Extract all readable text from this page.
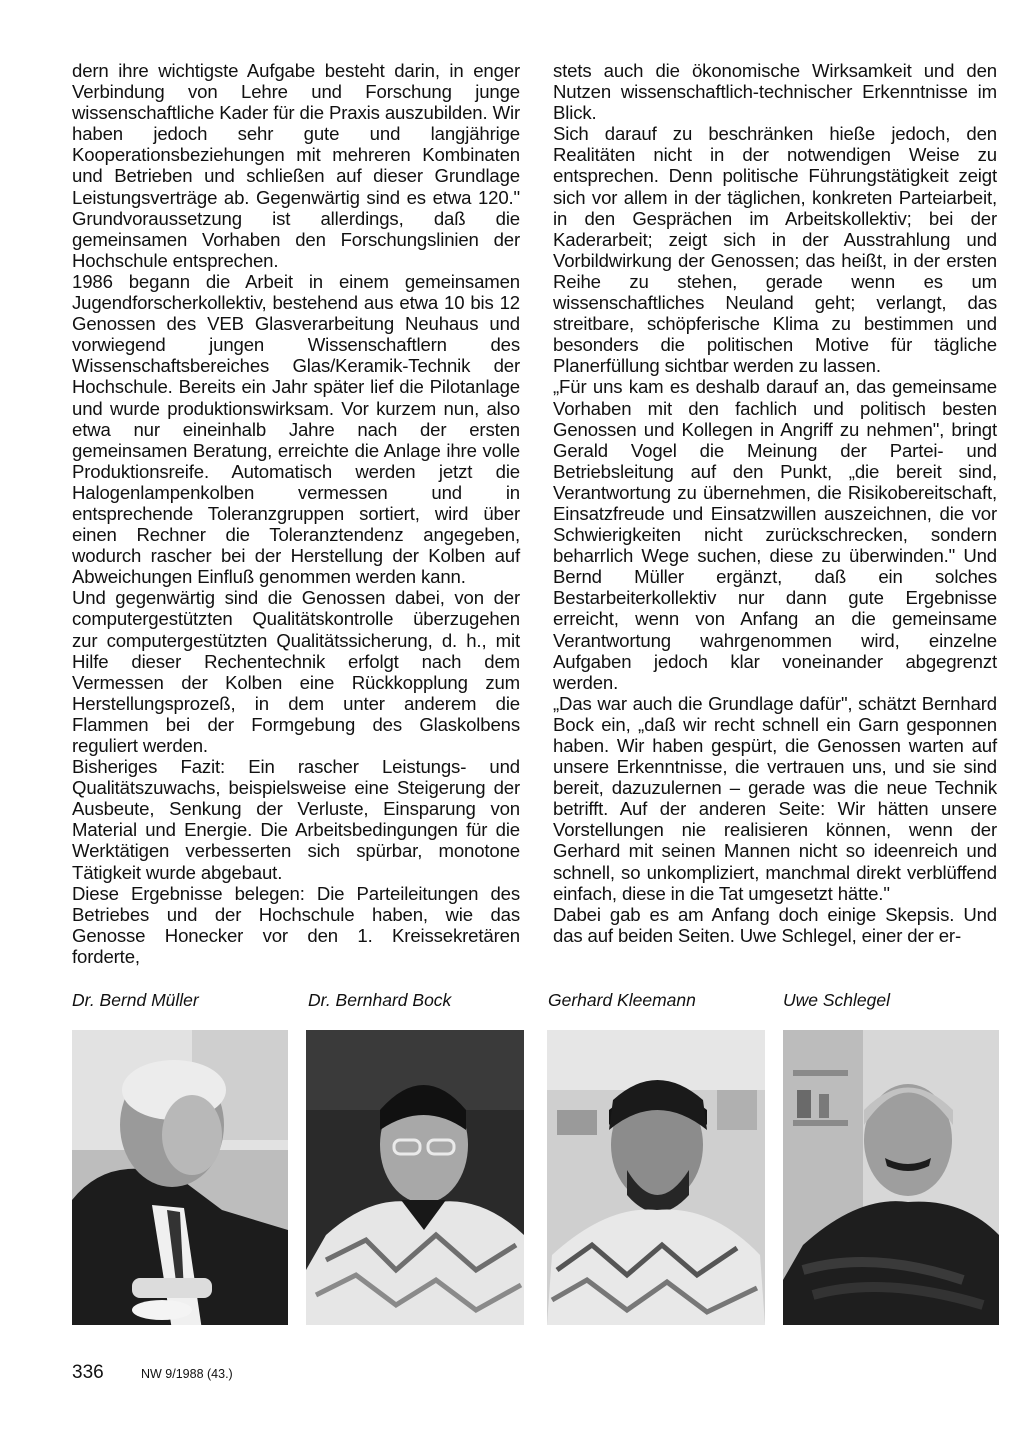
dern ihre wichtigste Aufgabe besteht darin, in enger Verbindung von Lehre und Forschung junge wissenschaftliche Kader für die Praxis auszubilden. Wir haben jedoch sehr gute und langjährige Kooperationsbeziehungen mit mehreren Kombinaten und Betrieben und schließen auf dieser Grundlage Leistungsverträge ab. Gegenwärtig sind es etwa 120." Grundvoraussetzung ist allerdings, daß die gemeinsamen Vorhaben den Forschungslinien der Hochschule entsprechen.

1986 begann die Arbeit in einem gemeinsamen Jugendforscherkollektiv, bestehend aus etwa 10 bis 12 Genossen des VEB Glasverarbeitung Neuhaus und vorwiegend jungen Wissenschaftlern des Wissenschaftsbereiches Glas/Keramik-Technik der Hochschule. Bereits ein Jahr später lief die Pilotanlage und wurde produktionswirksam. Vor kurzem nun, also etwa nur eineinhalb Jahre nach der ersten gemeinsamen Beratung, erreichte die Anlage ihre volle Produktionsreife. Automatisch werden jetzt die Halogenlampenkolben vermessen und in entsprechende Toleranzgruppen sortiert, wird über einen Rechner die Toleranztendenz angegeben, wodurch rascher bei der Herstellung der Kolben auf Abweichungen Einfluß genommen werden kann.

Und gegenwärtig sind die Genossen dabei, von der computergestützten Qualitätskontrolle überzugehen zur computergestützten Qualitätssicherung, d. h., mit Hilfe dieser Rechentechnik erfolgt nach dem Vermessen der Kolben eine Rückkopplung zum Herstellungsprozeß, in dem unter anderem die Flammen bei der Formgebung des Glaskolbens reguliert werden.

Bisheriges Fazit: Ein rascher Leistungs- und Qualitätszuwachs, beispielsweise eine Steigerung der Ausbeute, Senkung der Verluste, Einsparung von Material und Energie. Die Arbeitsbedingungen für die Werktätigen verbesserten sich spürbar, monotone Tätigkeit wurde abgebaut.

Diese Ergebnisse belegen: Die Parteileitungen des Betriebes und der Hochschule haben, wie das Genosse Honecker vor den 1. Kreissekretären forderte,

stets auch die ökonomische Wirksamkeit und den Nutzen wissenschaftlich-technischer Erkenntnisse im Blick.

Sich darauf zu beschränken hieße jedoch, den Realitäten nicht in der notwendigen Weise zu entsprechen. Denn politische Führungstätigkeit zeigt sich vor allem in der täglichen, konkreten Parteiarbeit, in den Gesprächen im Arbeitskollektiv; bei der Kaderarbeit; zeigt sich in der Ausstrahlung und Vorbildwirkung der Genossen; das heißt, in der ersten Reihe zu stehen, gerade wenn es um wissenschaftliches Neuland geht; verlangt, das streitbare, schöpferische Klima zu bestimmen und besonders die politischen Motive für tägliche Planerfüllung sichtbar werden zu lassen.

„Für uns kam es deshalb darauf an, das gemeinsame Vorhaben mit den fachlich und politisch besten Genossen und Kollegen in Angriff zu nehmen", bringt Gerald Vogel die Meinung der Partei- und Betriebsleitung auf den Punkt, „die bereit sind, Verantwortung zu übernehmen, die Risikobereitschaft, Einsatzfreude und Einsatzwillen auszeichnen, die vor Schwierigkeiten nicht zurückschrecken, sondern beharrlich Wege suchen, diese zu überwinden." Und Bernd Müller ergänzt, daß ein solches Bestarbeiterkollektiv nur dann gute Ergebnisse erreicht, wenn von Anfang an die gemeinsame Verantwortung wahrgenommen wird, einzelne Aufgaben jedoch klar voneinander abgegrenzt werden.

„Das war auch die Grundlage dafür", schätzt Bernhard Bock ein, „daß wir recht schnell ein Garn gesponnen haben. Wir haben gespürt, die Genossen warten auf unsere Erkenntnisse, die vertrauen uns, und sie sind bereit, dazuzulernen – gerade was die neue Technik betrifft. Auf der anderen Seite: Wir hätten unsere Vorstellungen nie realisieren können, wenn der Gerhard mit seinen Mannen nicht so ideenreich und schnell, so unkompliziert, manchmal direkt verblüffend einfach, diese in die Tat umgesetzt hätte."

Dabei gab es am Anfang doch einige Skepsis. Und das auf beiden Seiten. Uwe Schlegel, einer der er-

Dr. Bernd Müller	Dr. Bernhard Bock	Gerhard Kleemann	Uwe Schlegel
336	NW 9/1988 (43.)
